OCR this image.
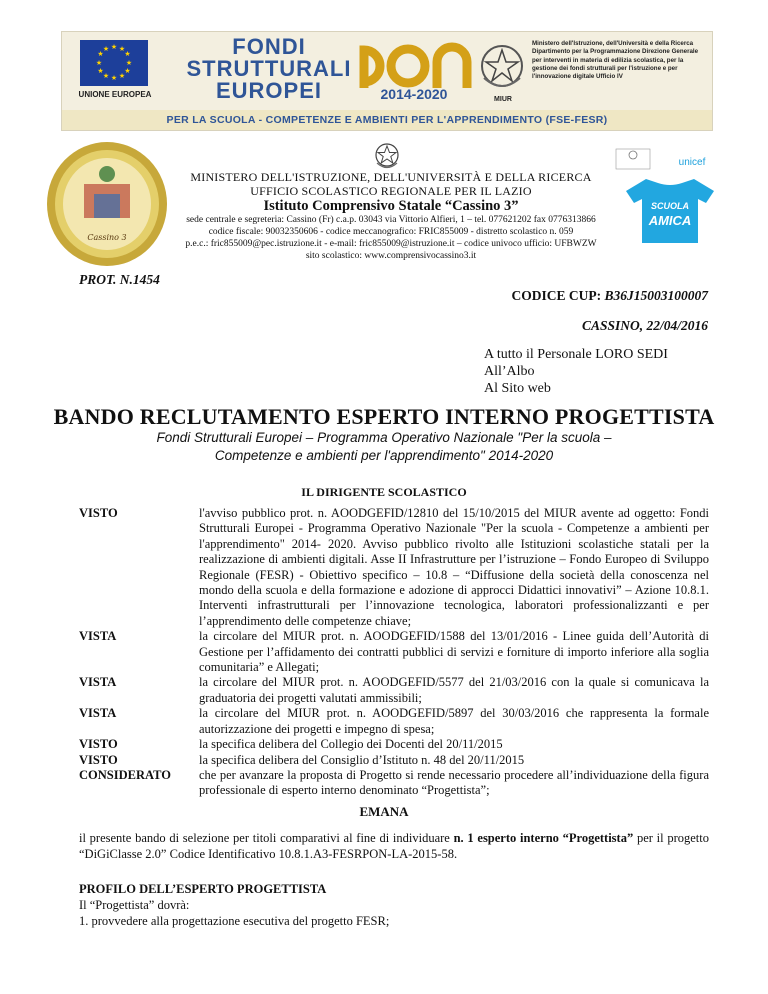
★ ★
★
★
★
★
★
★
★
★
★
★
UNIONE EUROPEA
FONDI
STRUTTURALI
EUROPEI	2014-2020	MIUR
Ministero dell'Istruzione, dell'Università e della Ricerca Dipartimento per la Programmazione Direzione Generale per interventi in materia di edilizia scolastica, per la gestione dei fondi strutturali per l'istruzione e per l'innovazione digitale Ufficio IV
PER LA SCUOLA - COMPETENZE E AMBIENTI PER L'APPRENDIMENTO (FSE-FESR)
Cassino 3
MINISTERO DELL'ISTRUZIONE, DELL'UNIVERSITÀ E DELLA RICERCA
UFFICIO SCOLASTICO REGIONALE PER IL LAZIO
Istituto Comprensivo Statale “Cassino 3”
sede centrale e segreteria: Cassino (Fr) c.a.p. 03043 via Vittorio Alfieri, 1 – tel. 077621202 fax 0776313866
codice fiscale: 90032350606 - codice meccanografico: FRIC855009 - distretto scolastico n. 059
p.e.c.: fric855009@pec.istruzione.it - e-mail: fric855009@istruzione.it – codice univoco ufficio: UFBWZW
sito scolastico: www.comprensivocassino3.it
unicef
SCUOLA
AMICA
PROT. N.1454
CODICE CUP: B36J15003100007
CASSINO, 22/04/2016
A tutto il Personale LORO SEDI
All’Albo
Al Sito web
BANDO RECLUTAMENTO ESPERTO INTERNO PROGETTISTA
Fondi Strutturali Europei – Programma Operativo Nazionale "Per la scuola –
Competenze e ambienti per l'apprendimento" 2014-2020
IL DIRIGENTE SCOLASTICO
VISTO	l'avviso pubblico prot. n. AOODGEFID/12810 del 15/10/2015 del MIUR avente ad oggetto: Fondi Strutturali Europei - Programma Operativo Nazionale "Per la scuola - Competenze a ambienti per l'apprendimento" 2014- 2020. Avviso pubblico rivolto alle Istituzioni scolastiche statali per la realizzazione di ambienti digitali. Asse II Infrastrutture per l’istruzione – Fondo Europeo di Sviluppo Regionale (FESR) - Obiettivo specifico – 10.8 – “Diffusione della società della conoscenza nel mondo della scuola e della formazione e adozione di approcci Didattici innovativi” – Azione 10.8.1. Interventi infrastrutturali per l’innovazione tecnologica, laboratori professionalizzanti e per l’apprendimento delle competenze chiave;
VISTA	la circolare del MIUR prot. n. AOODGEFID/1588 del 13/01/2016 - Linee guida dell’Autorità di Gestione per l’affidamento dei contratti pubblici di servizi e forniture di importo inferiore alla soglia comunitaria” e Allegati;
VISTA	la circolare del MIUR prot. n. AOODGEFID/5577 del 21/03/2016 con la quale si comunicava la graduatoria dei progetti valutati ammissibili;
VISTA	la circolare del MIUR prot. n. AOODGEFID/5897 del 30/03/2016 che rappresenta la formale autorizzazione dei progetti e impegno di spesa;
VISTO	la specifica delibera del Collegio dei Docenti del 20/11/2015
VISTO	la specifica delibera del Consiglio d’Istituto n. 48 del 20/11/2015
CONSIDERATO	che per avanzare la proposta di Progetto si rende necessario procedere all’individuazione della figura professionale di esperto interno denominato “Progettista”;
EMANA
il presente bando di selezione per titoli comparativi al fine di individuare n. 1 esperto interno “Progettista” per il progetto “DiGiClasse 2.0” Codice Identificativo 10.8.1.A3-FESRPON-LA-2015-58.
PROFILO DELL’ESPERTO PROGETTISTA
Il “Progettista” dovrà:
1. provvedere alla progettazione esecutiva del progetto FESR;
